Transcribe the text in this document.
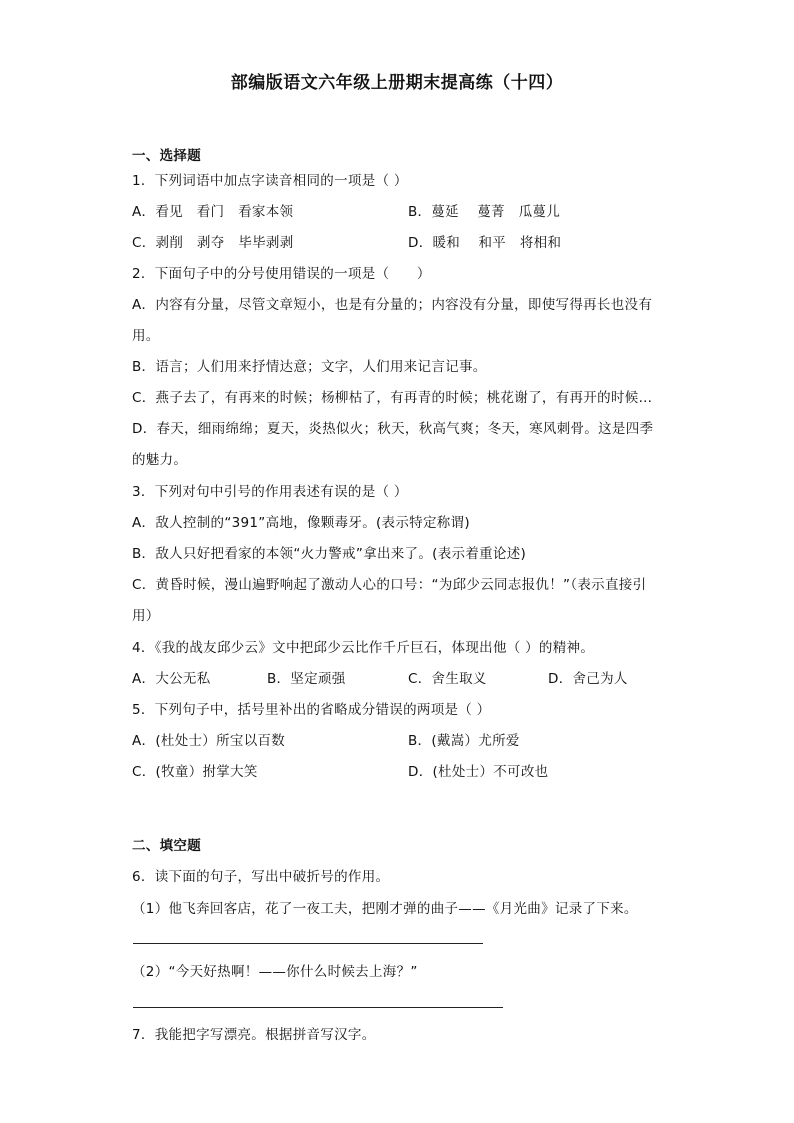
部编版语文六年级上册期末提高练（十四）
一、选择题
1．下列词语中加点字读音相同的一项是（ ）
A．看见　看门　看家本领	B．蔓延　 蔓菁　瓜蔓儿
C．剥削　剥夺　毕毕剥剥	D．暖和　 和平　将相和
2．下面句子中的分号使用错误的一项是（　　）
A．内容有分量，尽管文章短小，也是有分量的；内容没有分量，即使写得再长也没有
用。
B．语言；人们用来抒情达意；文字，人们用来记言记事。
C．燕子去了，有再来的时候；杨柳枯了，有再青的时候；桃花谢了，有再开的时候…
D．春天，细雨绵绵；夏天，炎热似火；秋天，秋高气爽；冬天，寒风刺骨。这是四季
的魅力。
3．下列对句中引号的作用表述有误的是（ ）
A．敌人控制的“391”高地，像颗毒牙。(表示特定称谓)
B．敌人只好把看家的本领“火力警戒”拿出来了。(表示着重论述)
C．黄昏时候，漫山遍野响起了激动人心的口号：“为邱少云同志报仇！”（表示直接引
用）
4．《我的战友邱少云》文中把邱少云比作千斤巨石，体现出他（ ）的精神。
A．大公无私	B．坚定顽强	C．舍生取义	D．舍己为人
5．下列句子中，括号里补出的省略成分错误的两项是（ ）
A．(杜处士）所宝以百数	B．(戴嵩）尤所爱
C．(牧童）拊掌大笑	D．(杜处士）不可改也
二、填空题
6．读下面的句子，写出中破折号的作用。
（1）他飞奔回客店，花了一夜工夫，把刚才弹的曲子——《月光曲》记录了下来。
（2）“今天好热啊！——你什么时候去上海？”
7．我能把字写漂亮。根据拼音写汉字。
